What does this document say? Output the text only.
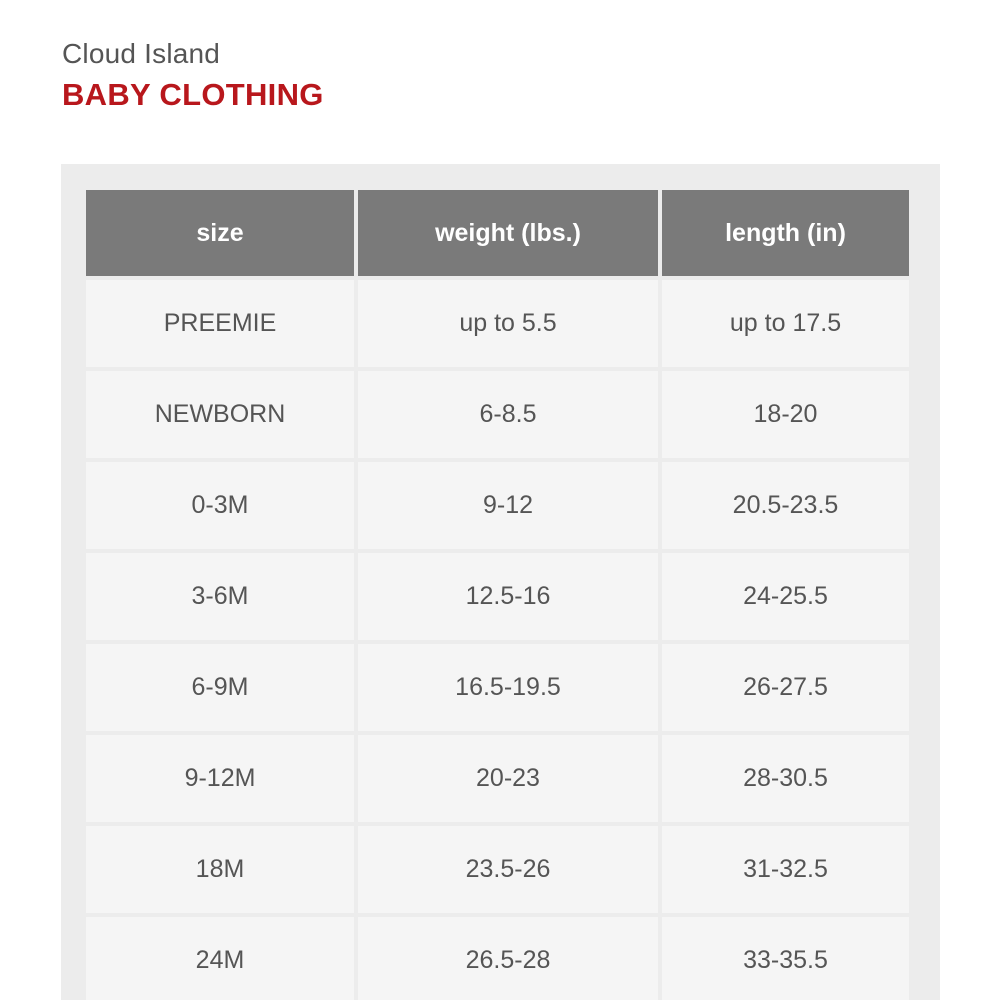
Cloud Island
BABY CLOTHING
size	weight (lbs.)	length (in)
PREEMIE	up to 5.5	up to 17.5
NEWBORN	6-8.5	18-20
0-3M	9-12	20.5-23.5
3-6M	12.5-16	24-25.5
6-9M	16.5-19.5	26-27.5
9-12M	20-23	28-30.5
18M	23.5-26	31-32.5
24M	26.5-28	33-35.5
